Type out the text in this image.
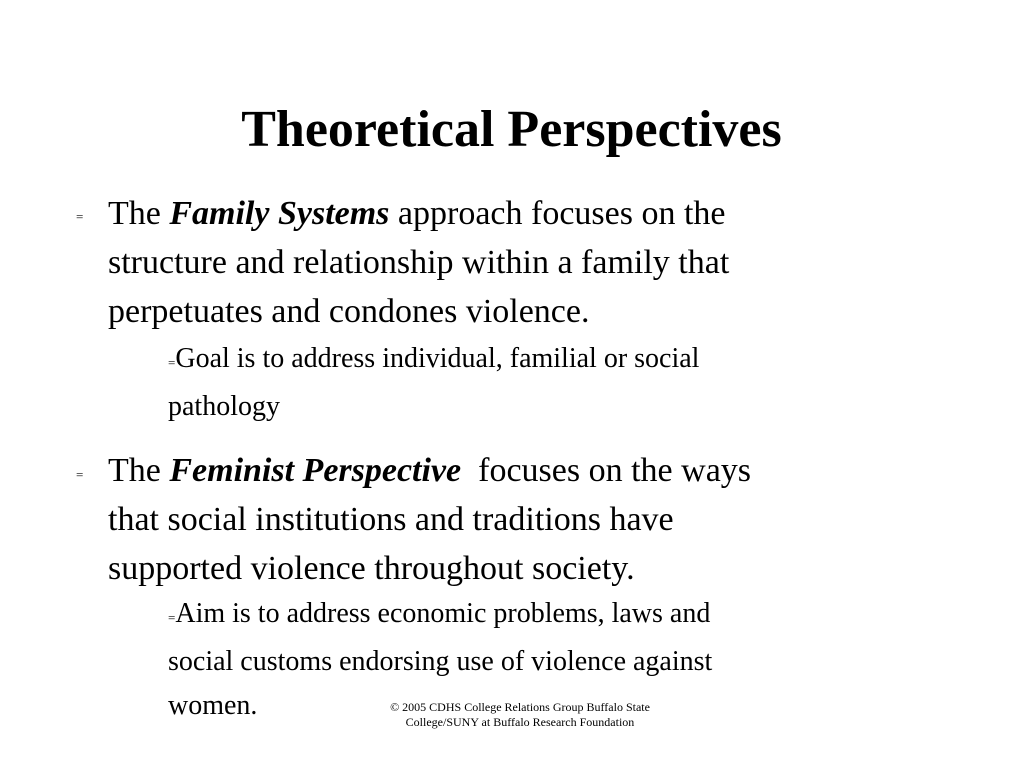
Theoretical Perspectives
= The Family Systems approach focuses on the
structure and relationship within a family that
perpetuates and condones violence.
=Goal is to address individual, familial or social
pathology
= The Feminist Perspective  focuses on the ways
that social institutions and traditions have
supported violence throughout society.
=Aim is to address economic problems, laws and
social customs endorsing use of violence against
women.	© 2005 CDHS College Relations Group Buffalo State
College/SUNY at Buffalo Research Foundation
